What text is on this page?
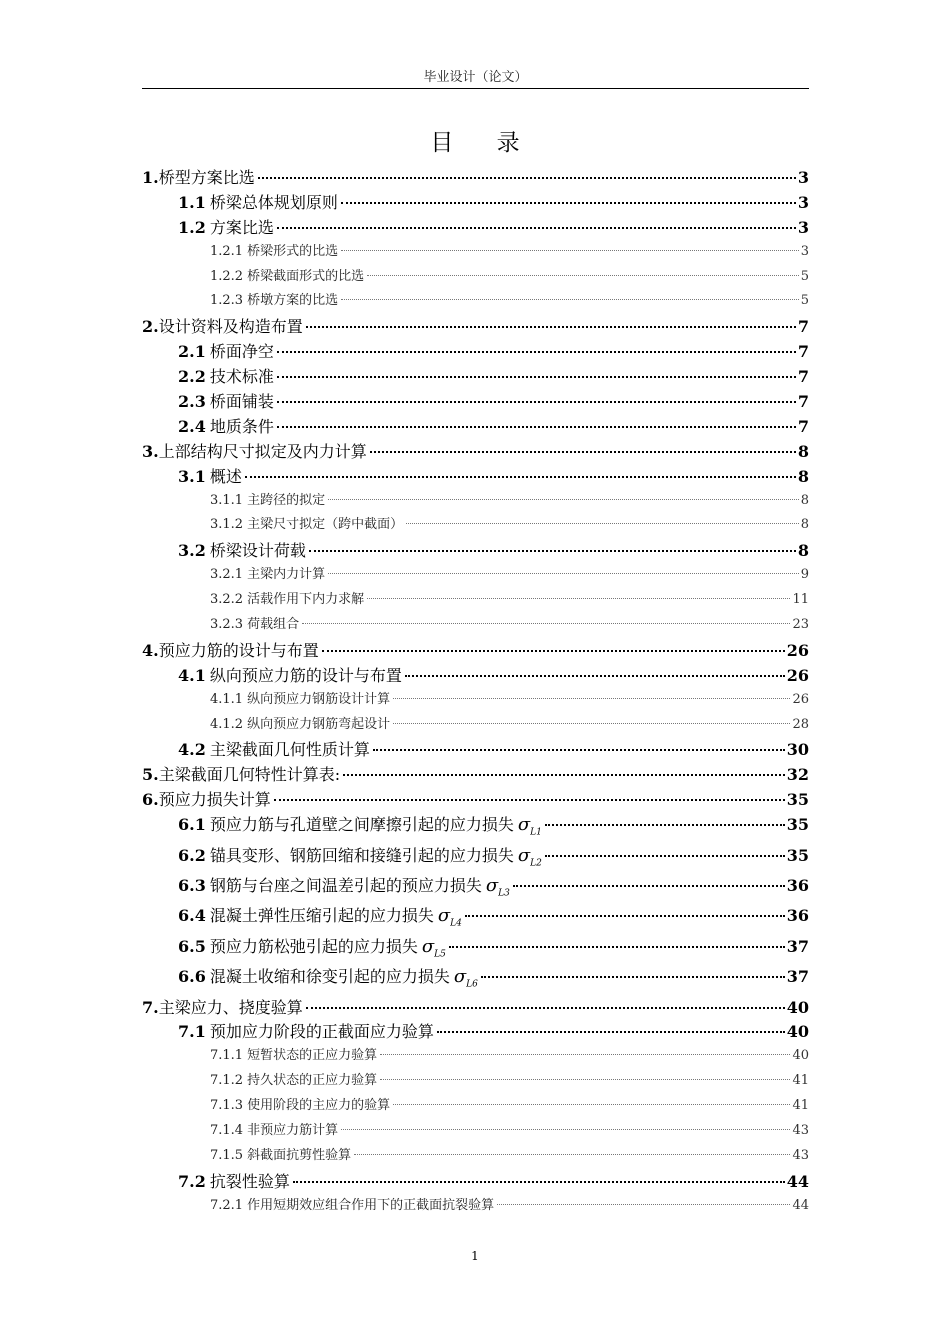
毕业设计（论文）
目 录
1. 桥型方案比选	3
1.1 桥梁总体规划原则	3
1.2 方案比选	3
1.2.1 桥梁形式的比选	3
1.2.2 桥梁截面形式的比选	5
1.2.3 桥墩方案的比选	5
2. 设计资料及构造布置	7
2.1 桥面净空	7
2.2 技术标准	7
2.3 桥面铺装	7
2.4 地质条件	7
3. 上部结构尺寸拟定及内力计算	8
3.1 概述	8
3.1.1 主跨径的拟定	8
3.1.2 主梁尺寸拟定（跨中截面）	8
3.2 桥梁设计荷载	8
3.2.1 主梁内力计算	9
3.2.2 活载作用下内力求解	11
3.2.3 荷载组合	23
4. 预应力筋的设计与布置	26
4.1 纵向预应力筋的设计与布置	26
4.1.1 纵向预应力钢筋设计计算	26
4.1.2 纵向预应力钢筋弯起设计	28
4.2 主梁截面几何性质计算	30
5. 主梁截面几何特性计算表:	32
6. 预应力损失计算	35
6.1 预应力筋与孔道壁之间摩擦引起的应力损失 $\sigma_{L1}$	35
6.2 锚具变形、钢筋回缩和接缝引起的应力损失 $\sigma_{L2}$	35
6.3 钢筋与台座之间温差引起的预应力损失 $\sigma_{L3}$	36
6.4 混凝土弹性压缩引起的应力损失 $\sigma_{L4}$	36
6.5 预应力筋松弛引起的应力损失 $\sigma_{L5}$	37
6.6 混凝土收缩和徐变引起的应力损失 $\sigma_{L6}$	37
7. 主梁应力、挠度验算	40
7.1 预加应力阶段的正截面应力验算	40
7.1.1 短暂状态的正应力验算	40
7.1.2 持久状态的正应力验算	41
7.1.3 使用阶段的主应力的验算	41
7.1.4 非预应力筋计算	43
7.1.5 斜截面抗剪性验算	43
7.2 抗裂性验算	44
7.2.1 作用短期效应组合作用下的正截面抗裂验算	44
1
